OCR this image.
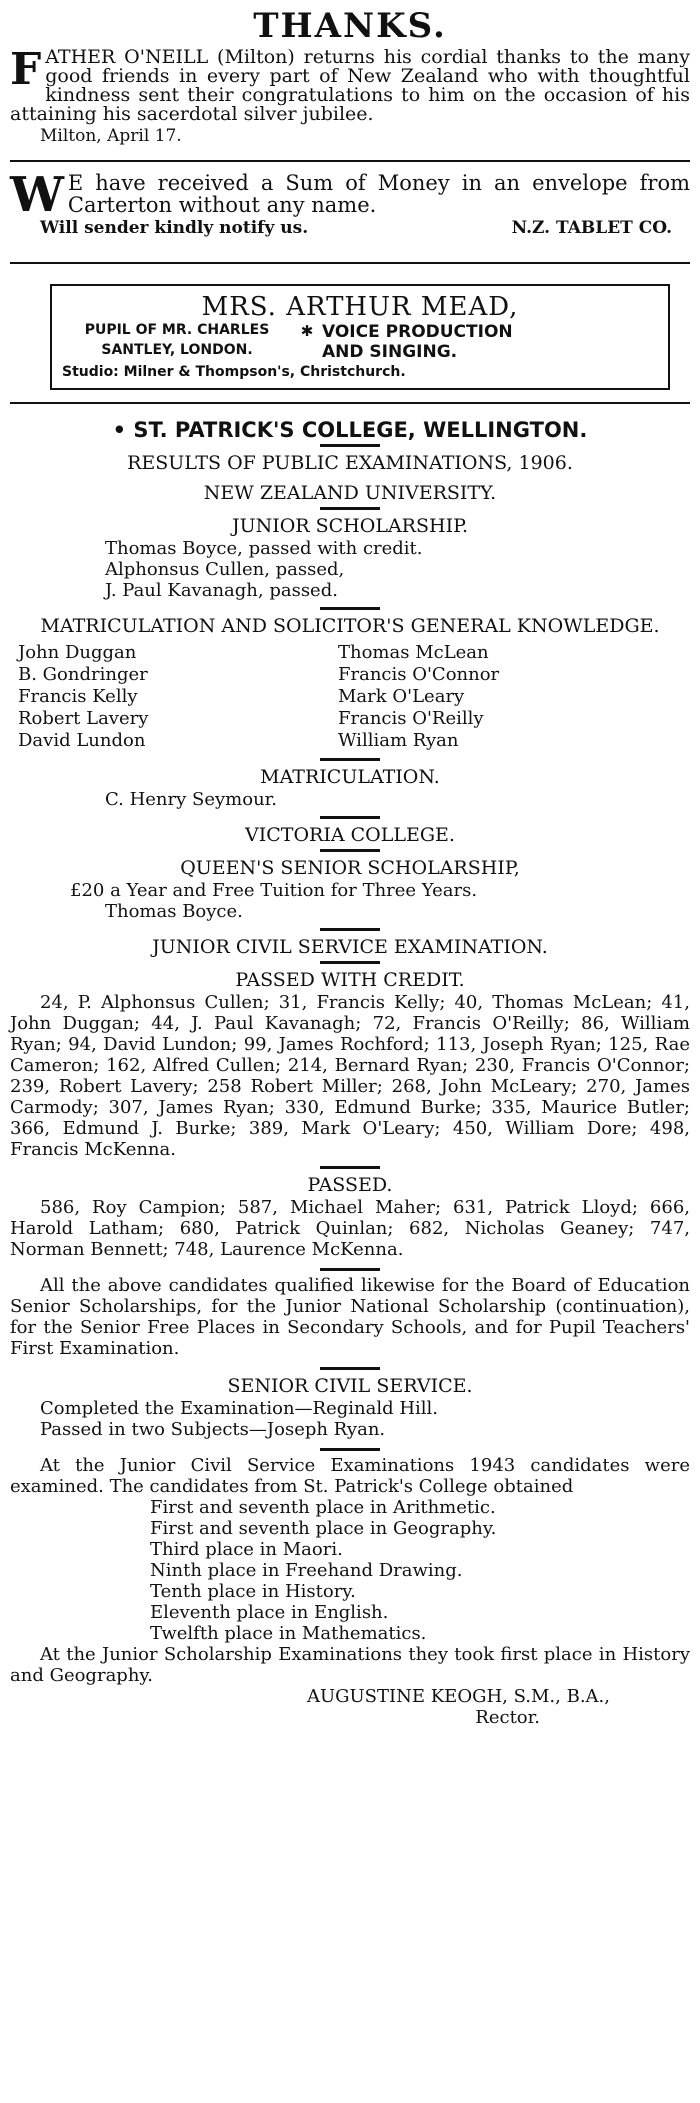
THANKS.
F ATHER O'NEILL (Milton) returns his cordial thanks to the many good friends in every part of New Zealand who with thoughtful kindness sent their congratulations to him on the occasion of his attaining his sacerdotal silver jubilee.
Milton, April 17.
W E have received a Sum of Money in an envelope from Carterton without any name.
Will sender kindly notify us.	N.Z. TABLET CO.
MRS. ARTHUR MEAD,
PUPIL OF MR. CHARLES	✱ VOICE PRODUCTION
SANTLEY, LONDON.	AND SINGING.
Studio: Milner & Thompson's, Christchurch.
• ST. PATRICK'S COLLEGE, WELLINGTON.
RESULTS OF PUBLIC EXAMINATIONS, 1906.
NEW ZEALAND UNIVERSITY.
JUNIOR SCHOLARSHIP.
Thomas Boyce, passed with credit.
Alphonsus Cullen, passed,
J. Paul Kavanagh, passed.
MATRICULATION AND SOLICITOR'S GENERAL KNOWLEDGE.
John Duggan	Thomas McLean
B. Gondringer	Francis O'Connor
Francis Kelly	Mark O'Leary
Robert Lavery	Francis O'Reilly
David Lundon	William Ryan
MATRICULATION.
C. Henry Seymour.
VICTORIA COLLEGE.
QUEEN'S SENIOR SCHOLARSHIP,
£20 a Year and Free Tuition for Three Years.
Thomas Boyce.
JUNIOR CIVIL SERVICE EXAMINATION.
PASSED WITH CREDIT.

24, P. Alphonsus Cullen; 31, Francis Kelly; 40, Thomas McLean; 41, John Duggan; 44, J. Paul Kavanagh; 72, Francis O'Reilly; 86, William Ryan; 94, David Lundon; 99, James Rochford; 113, Joseph Ryan; 125, Rae Cameron; 162, Alfred Cullen; 214, Bernard Ryan; 230, Francis O'Connor; 239, Robert Lavery; 258 Robert Miller; 268, John McLeary; 270, James Carmody; 307, James Ryan; 330, Edmund Burke; 335, Maurice Butler; 366, Edmund J. Burke; 389, Mark O'Leary; 450, William Dore; 498, Francis McKenna.

PASSED.

586, Roy Campion; 587, Michael Maher; 631, Patrick Lloyd; 666, Harold Latham; 680, Patrick Quinlan; 682, Nicholas Geaney; 747, Norman Bennett; 748, Laurence McKenna.

All the above candidates qualified likewise for the Board of Education Senior Scholarships, for the Junior National Scholarship (continuation), for the Senior Free Places in Secondary Schools, and for Pupil Teachers' First Examination.

SENIOR CIVIL SERVICE.
Completed the Examination—Reginald Hill.
Passed in two Subjects—Joseph Ryan.

At the Junior Civil Service Examinations 1943 candidates were examined. The candidates from St. Patrick's College obtained

First and seventh place in Arithmetic.
First and seventh place in Geography.
Third place in Maori.
Ninth place in Freehand Drawing.
Tenth place in History.
Eleventh place in English.
Twelfth place in Mathematics.

At the Junior Scholarship Examinations they took first place in History and Geography.

AUGUSTINE KEOGH, S.M., B.A.,
Rector.
